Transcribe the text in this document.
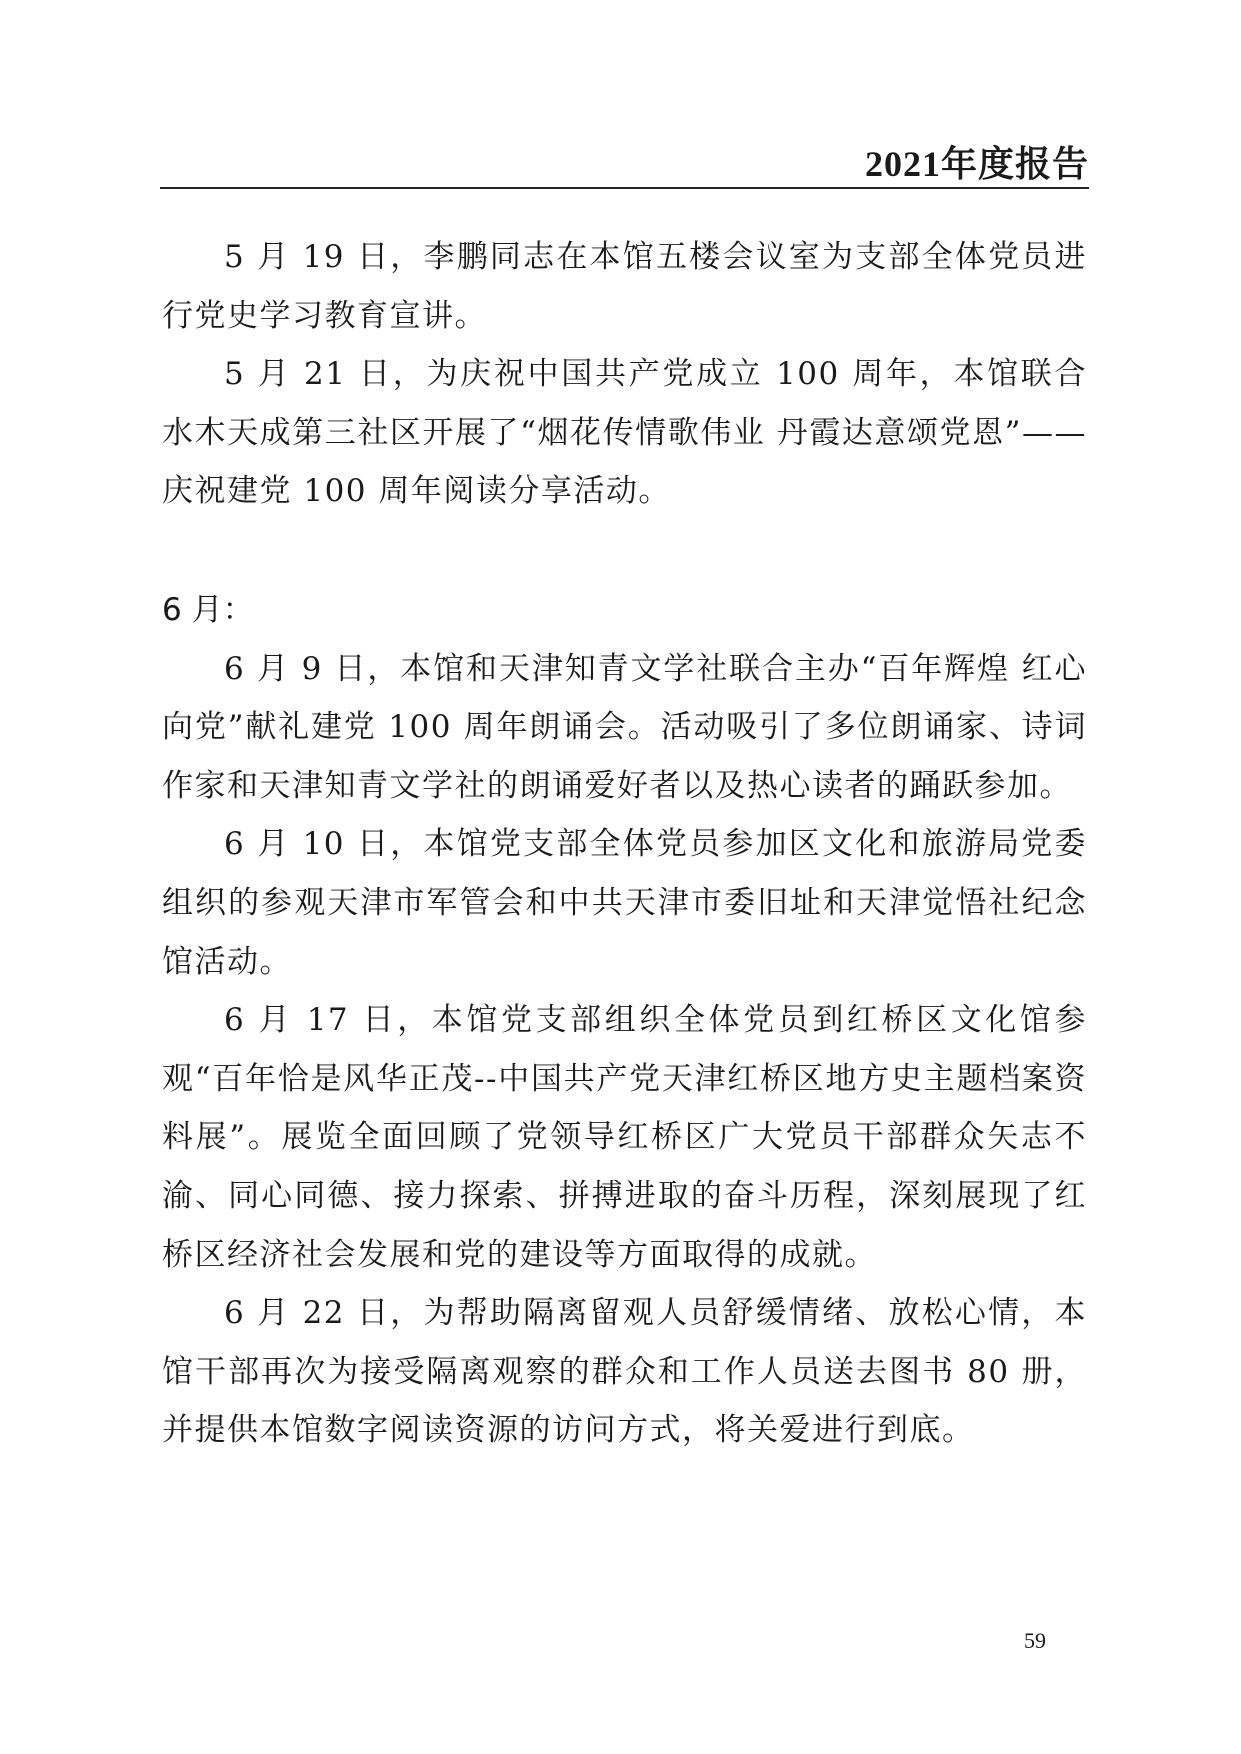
2021年度报告

5 月 19 日，李鹏同志在本馆五楼会议室为支部全体党员进行党史学习教育宣讲。

5 月 21 日，为庆祝中国共产党成立 100 周年，本馆联合水木天成第三社区开展了“烟花传情歌伟业 丹霞达意颂党恩”——庆祝建党 100 周年阅读分享活动。

6 月：

6 月 9 日，本馆和天津知青文学社联合主办“百年辉煌 红心向党”献礼建党 100 周年朗诵会。活动吸引了多位朗诵家、诗词作家和天津知青文学社的朗诵爱好者以及热心读者的踊跃参加。

6 月 10 日，本馆党支部全体党员参加区文化和旅游局党委组织的参观天津市军管会和中共天津市委旧址和天津觉悟社纪念馆活动。

6 月 17 日，本馆党支部组织全体党员到红桥区文化馆参观“百年恰是风华正茂--中国共产党天津红桥区地方史主题档案资料展”。展览全面回顾了党领导红桥区广大党员干部群众矢志不渝、同心同德、接力探索、拼搏进取的奋斗历程，深刻展现了红桥区经济社会发展和党的建设等方面取得的成就。

6 月 22 日，为帮助隔离留观人员舒缓情绪、放松心情，本馆干部再次为接受隔离观察的群众和工作人员送去图书 80 册，并提供本馆数字阅读资源的访问方式，将关爱进行到底。

59
